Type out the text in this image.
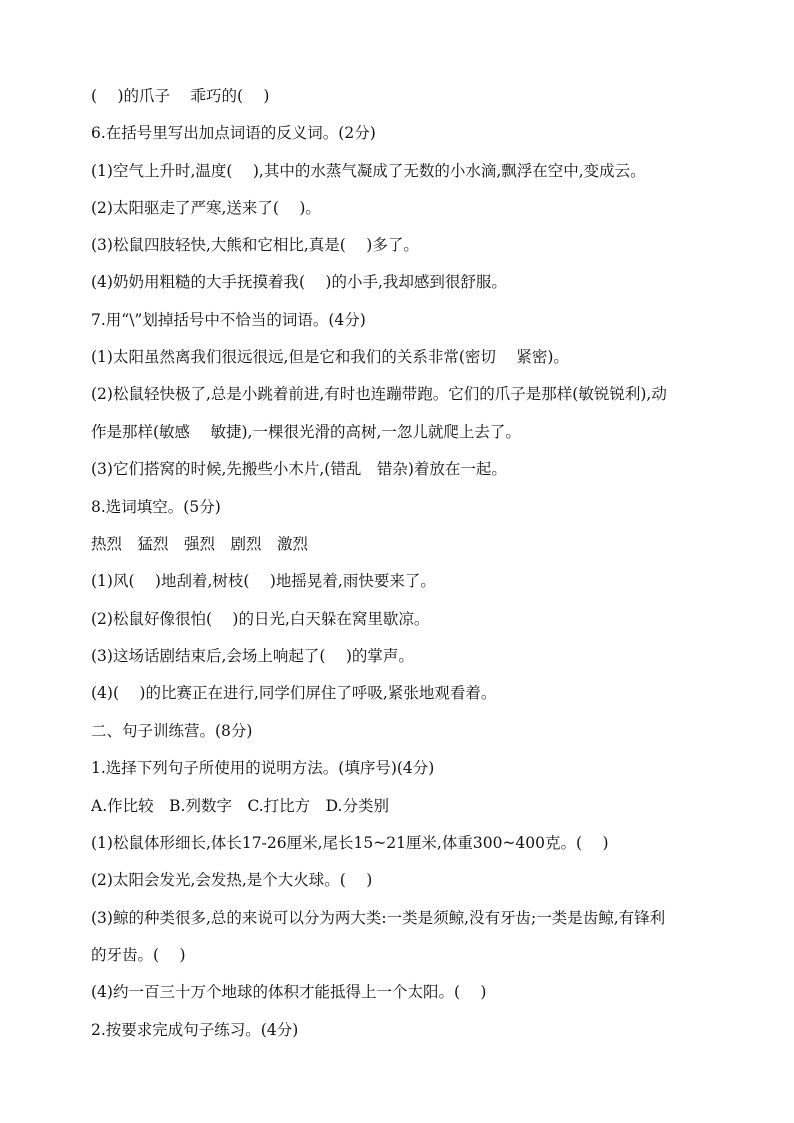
(　 )的爪子　 乖巧的(　 )
6.在括号里写出加点词语的反义词。(2分)
(1)空气上升时,温度(　 ),其中的水蒸气凝成了无数的小水滴,飘浮在空中,变成云。
(2)太阳驱走了严寒,送来了(　 )。
(3)松鼠四肢轻快,大熊和它相比,真是(　 )多了。
(4)奶奶用粗糙的大手抚摸着我(　 )的小手,我却感到很舒服。
7.用“\”划掉括号中不恰当的词语。(4分)
(1)太阳虽然离我们很远很远,但是它和我们的关系非常(密切　 紧密)。
(2)松鼠轻快极了,总是小跳着前进,有时也连蹦带跑。它们的爪子是那样(敏锐锐利),动
作是那样(敏感　 敏捷),一棵很光滑的高树,一忽儿就爬上去了。
(3)它们搭窝的时候,先搬些小木片,(错乱　错杂)着放在一起。
8.选词填空。(5分)
热烈　猛烈　强烈　剧烈　激烈
(1)风(　 )地刮着,树枝(　 )地摇晃着,雨快要来了。
(2)松鼠好像很怕(　 )的日光,白天躲在窝里歇凉。
(3)这场话剧结束后,会场上响起了(　 )的掌声。
(4)(　 )的比赛正在进行,同学们屏住了呼吸,紧张地观看着。
二、句子训练营。(8分)
1.选择下列句子所使用的说明方法。(填序号)(4分)
A.作比较　B.列数字　C.打比方　D.分类别
(1)松鼠体形细长,体长17-26厘米,尾长15~21厘米,体重300~400克。(　 )
(2)太阳会发光,会发热,是个大火球。(　 )
(3)鲸的种类很多,总的来说可以分为两大类:一类是须鲸,没有牙齿;一类是齿鲸,有锋利
的牙齿。(　 )
(4)约一百三十万个地球的体积才能抵得上一个太阳。(　 )
2.按要求完成句子练习。(4分)
